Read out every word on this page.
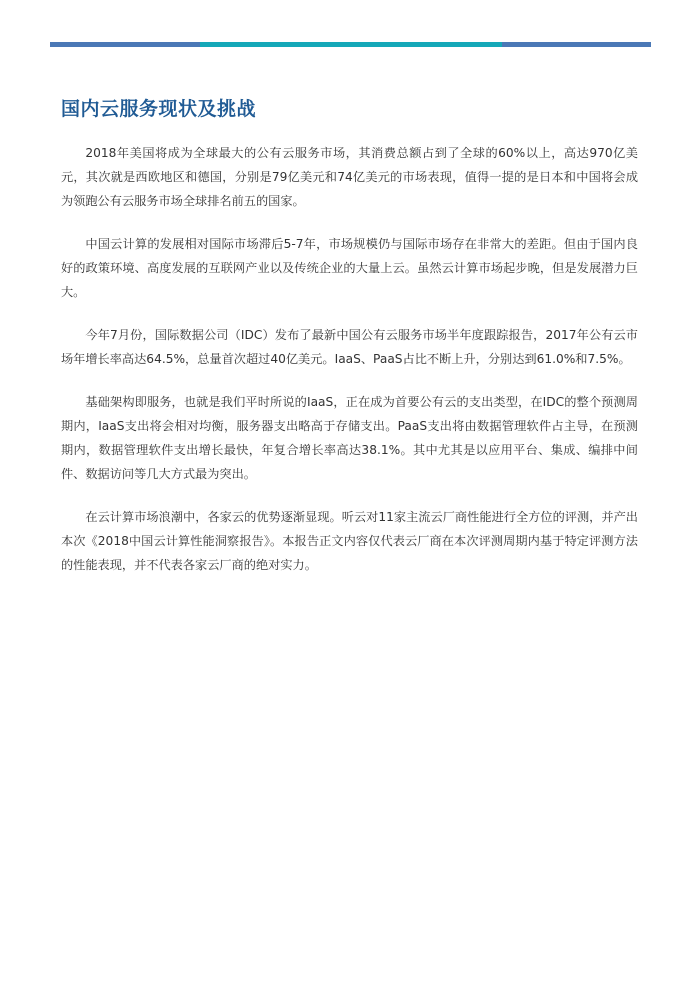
国内云服务现状及挑战

2018年美国将成为全球最大的公有云服务市场，其消费总额占到了全球的60%以上，高达970亿美元，其次就是西欧地区和德国，分别是79亿美元和74亿美元的市场表现，值得一提的是日本和中国将会成为领跑公有云服务市场全球排名前五的国家。

中国云计算的发展相对国际市场滞后5-7年，市场规模仍与国际市场存在非常大的差距。但由于国内良好的政策环境、高度发展的互联网产业以及传统企业的大量上云。虽然云计算市场起步晚，但是发展潜力巨大。

今年7月份，国际数据公司（IDC）发布了最新中国公有云服务市场半年度跟踪报告，2017年公有云市场年增长率高达64.5%，总量首次超过40亿美元。IaaS、PaaS占比不断上升，分别达到61.0%和7.5%。

基础架构即服务，也就是我们平时所说的IaaS，正在成为首要公有云的支出类型，在IDC的整个预测周期内，IaaS支出将会相对均衡，服务器支出略高于存储支出。PaaS支出将由数据管理软件占主导，在预测期内，数据管理软件支出增长最快，年复合增长率高达38.1%。其中尤其是以应用平台、集成、编排中间件、数据访问等几大方式最为突出。

在云计算市场浪潮中，各家云的优势逐渐显现。听云对11家主流云厂商性能进行全方位的评测，并产出本次《2018中国云计算性能洞察报告》。本报告正文内容仅代表云厂商在本次评测周期内基于特定评测方法的性能表现，并不代表各家云厂商的绝对实力。
